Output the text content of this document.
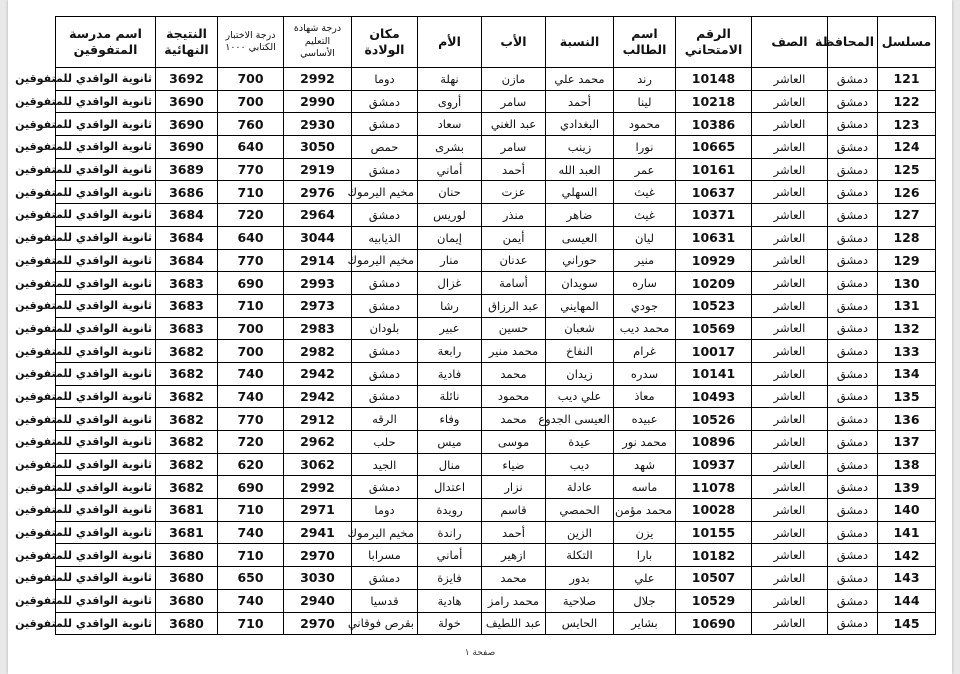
مسلسل	المحافظة	الصف	الرقم الامتحاني	اسم الطالب	النسبة	الأب	الأم	مكان الولادة	درجة شهادة التعليم الأساسي	درجة الاختبار الكتابي ١٠٠٠	النتيجة النهائية	اسم مدرسة المتفوقين
121	دمشق	العاشر	10148	رند	محمد علي	مازن	نهلة	دوما	2992	700	3692	ثانوية الواقدي للمتفوقين
122	دمشق	العاشر	10218	لينا	أحمد	سامر	أروى	دمشق	2990	700	3690	ثانوية الواقدي للمتفوقين
123	دمشق	العاشر	10386	محمود	البغدادي	عبد الغني	سعاد	دمشق	2930	760	3690	ثانوية الواقدي للمتفوقين
124	دمشق	العاشر	10665	نورا	زينب	سامر	بشرى	حمص	3050	640	3690	ثانوية الواقدي للمتفوقين
125	دمشق	العاشر	10161	عمر	العبد الله	أحمد	أماني	دمشق	2919	770	3689	ثانوية الواقدي للمتفوقين
126	دمشق	العاشر	10637	غيث	السهلي	عزت	حنان	مخيم اليرموك	2976	710	3686	ثانوية الواقدي للمتفوقين
127	دمشق	العاشر	10371	غيث	ضاهر	منذر	لوريس	دمشق	2964	720	3684	ثانوية الواقدي للمتفوقين
128	دمشق	العاشر	10631	ليان	العيسى	أيمن	إيمان	الذيابيه	3044	640	3684	ثانوية الواقدي للمتفوقين
129	دمشق	العاشر	10929	منير	حوراني	عدنان	منار	مخيم اليرموك	2914	770	3684	ثانوية الواقدي للمتفوقين
130	دمشق	العاشر	10209	ساره	سويدان	أسامة	غزال	دمشق	2993	690	3683	ثانوية الواقدي للمتفوقين
131	دمشق	العاشر	10523	جودي	المهايني	عبد الرزاق	رشا	دمشق	2973	710	3683	ثانوية الواقدي للمتفوقين
132	دمشق	العاشر	10569	محمد ديب	شعبان	حسين	عبير	بلودان	2983	700	3683	ثانوية الواقدي للمتفوقين
133	دمشق	العاشر	10017	غرام	النفاخ	محمد منير	رابعة	دمشق	2982	700	3682	ثانوية الواقدي للمتفوقين
134	دمشق	العاشر	10141	سدره	زيدان	محمد	فادية	دمشق	2942	740	3682	ثانوية الواقدي للمتفوقين
135	دمشق	العاشر	10493	معاذ	علي ديب	محمود	نائلة	دمشق	2942	740	3682	ثانوية الواقدي للمتفوقين
136	دمشق	العاشر	10526	عبيده	العيسى الجدوع	محمد	وفاء	الرقه	2912	770	3682	ثانوية الواقدي للمتفوقين
137	دمشق	العاشر	10896	محمد نور	عيدة	موسى	ميس	حلب	2962	720	3682	ثانوية الواقدي للمتفوقين
138	دمشق	العاشر	10937	شهد	ديب	ضياء	منال	الجيد	3062	620	3682	ثانوية الواقدي للمتفوقين
139	دمشق	العاشر	11078	ماسه	عادلة	نزار	اعتدال	دمشق	2992	690	3682	ثانوية الواقدي للمتفوقين
140	دمشق	العاشر	10028	محمد مؤمن	الحمصي	قاسم	رويدة	دوما	2971	710	3681	ثانوية الواقدي للمتفوقين
141	دمشق	العاشر	10155	يزن	الزين	أحمد	راندة	مخيم اليرموك	2941	740	3681	ثانوية الواقدي للمتفوقين
142	دمشق	العاشر	10182	بارا	التكلة	ازهير	أماني	مسرابا	2970	710	3680	ثانوية الواقدي للمتفوقين
143	دمشق	العاشر	10507	علي	بدور	محمد	فايزة	دمشق	3030	650	3680	ثانوية الواقدي للمتفوقين
144	دمشق	العاشر	10529	جلال	صلاحية	محمد رامز	هادية	قدسيا	2940	740	3680	ثانوية الواقدي للمتفوقين
145	دمشق	العاشر	10690	بشاير	الحايس	عبد اللطيف	خولة	بقرص فوقاني	2970	710	3680	ثانوية الواقدي للمتفوقين
صفحة ١
